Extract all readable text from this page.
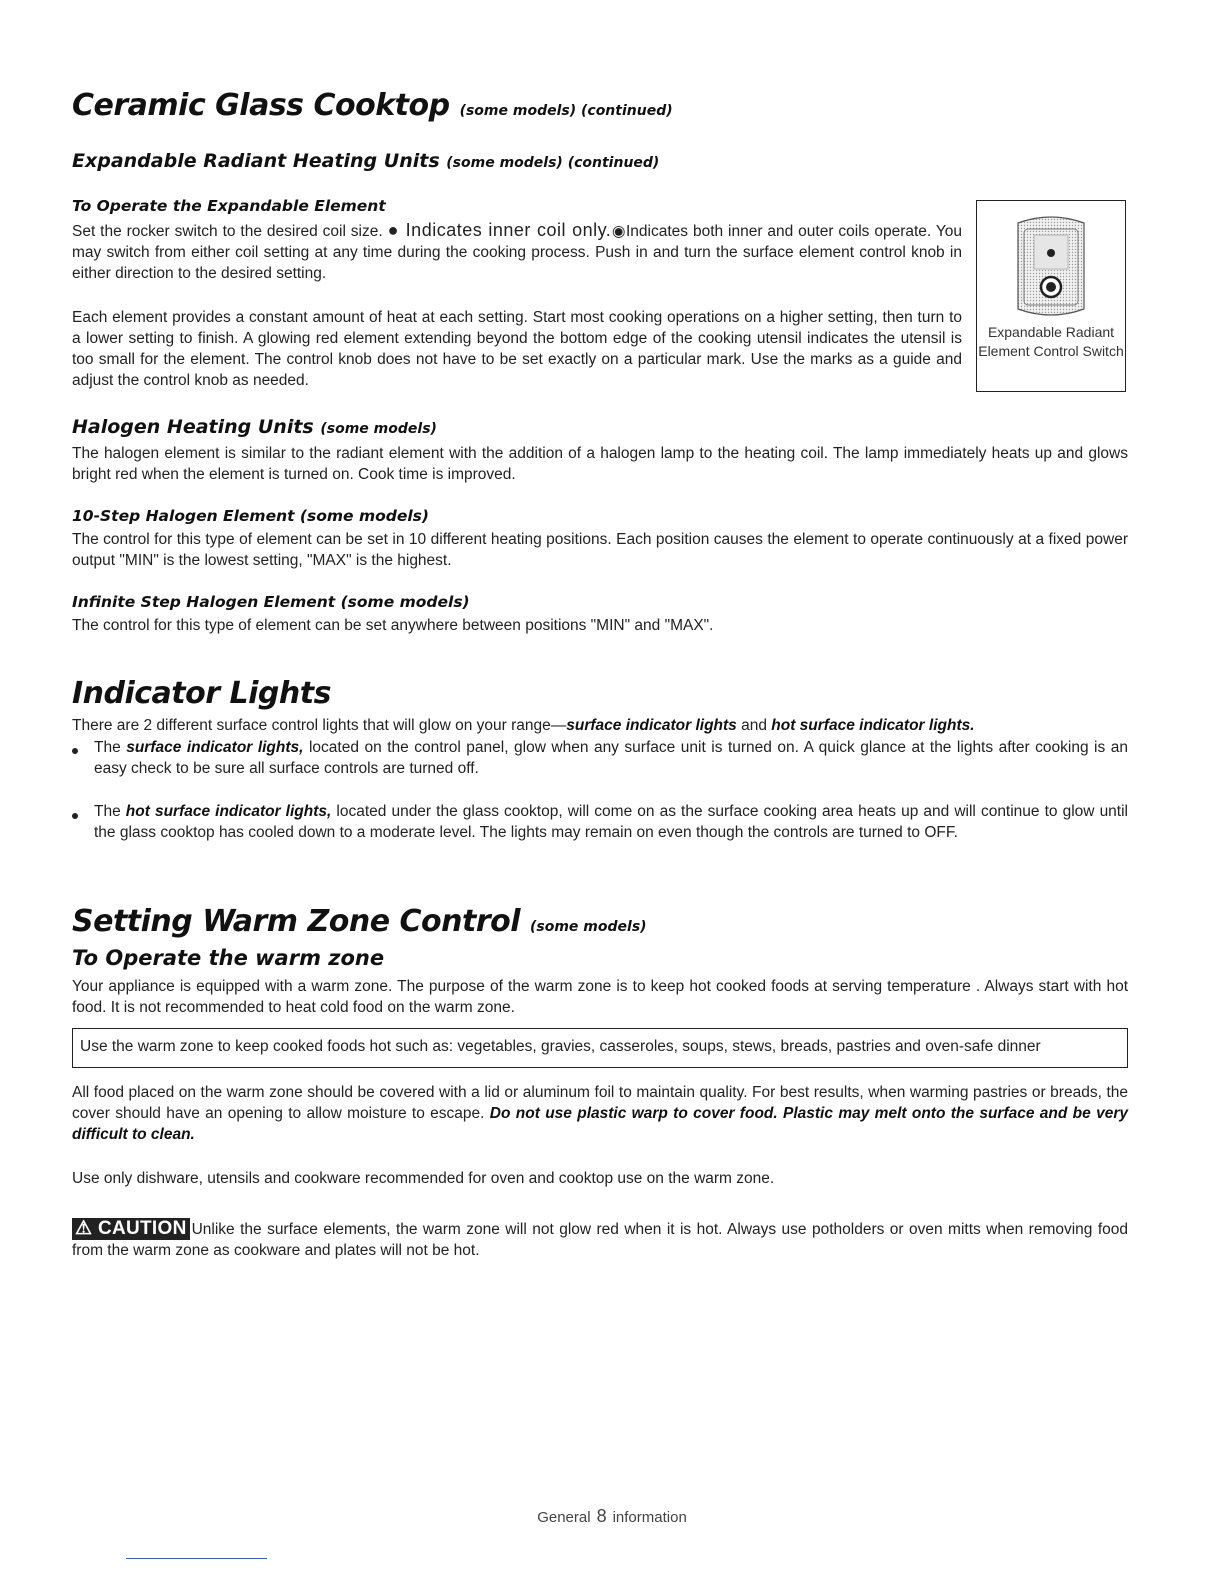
Ceramic Glass Cooktop (some models) (continued)
Expandable Radiant Heating Units (some models) (continued)
To Operate the Expandable Element

Set the rocker switch to the desired coil size. ● Indicates inner coil only.◉Indicates both inner and outer coils operate. You may switch from either coil setting at any time during the cooking process. Push in and turn the surface element control knob in either direction to the desired setting.

Each element provides a constant amount of heat at each setting. Start most cooking operations on a higher setting, then turn to a lower setting to finish. A glowing red element extending beyond the bottom edge of the cooking utensil indicates the utensil is too small for the element. The control knob does not have to be set exactly on a particular mark. Use the marks as a guide and adjust the control knob as needed.

Expandable Radiant Element Control Switch
Halogen Heating Units (some models)

The halogen element is similar to the radiant element with the addition of a halogen lamp to the heating coil. The lamp immediately heats up and glows bright red when the element is turned on. Cook time is improved.

10-Step Halogen Element (some models)

The control for this type of element can be set in 10 different heating positions. Each position causes the element to operate continuously at a fixed power output "MIN" is the lowest setting, "MAX" is the highest.

Infinite Step Halogen Element (some models)

The control for this type of element can be set anywhere between positions "MIN" and "MAX".

Indicator Lights

There are 2 different surface control lights that will glow on your range—surface indicator lights and hot surface indicator lights.

The surface indicator lights, located on the control panel, glow when any surface unit is turned on. A quick glance at the lights after cooking is an easy check to be sure all surface controls are turned off.

The hot surface indicator lights, located under the glass cooktop, will come on as the surface cooking area heats up and will continue to glow until the glass cooktop has cooled down to a moderate level. The lights may remain on even though the controls are turned to OFF.

Setting Warm Zone Control (some models)
To Operate the warm zone

Your appliance is equipped with a warm zone. The purpose of the warm zone is to keep hot cooked foods at serving temperature . Always start with hot food. It is not recommended to heat cold food on the warm zone.

Use the warm zone to keep cooked foods hot such as: vegetables, gravies, casseroles, soups, stews, breads, pastries and oven-safe dinner

All food placed on the warm zone should be covered with a lid or aluminum foil to maintain quality. For best results, when warming pastries or breads, the cover should have an opening to allow moisture to escape. Do not use plastic warp to cover food. Plastic may melt onto the surface and be very difficult to clean.

Use only dishware, utensils and cookware recommended for oven and cooktop use on the warm zone.

⚠ CAUTION Unlike the surface elements, the warm zone will not glow red when it is hot. Always use potholders or oven mitts when removing food from the warm zone as cookware and plates will not be hot.

General 8 information
